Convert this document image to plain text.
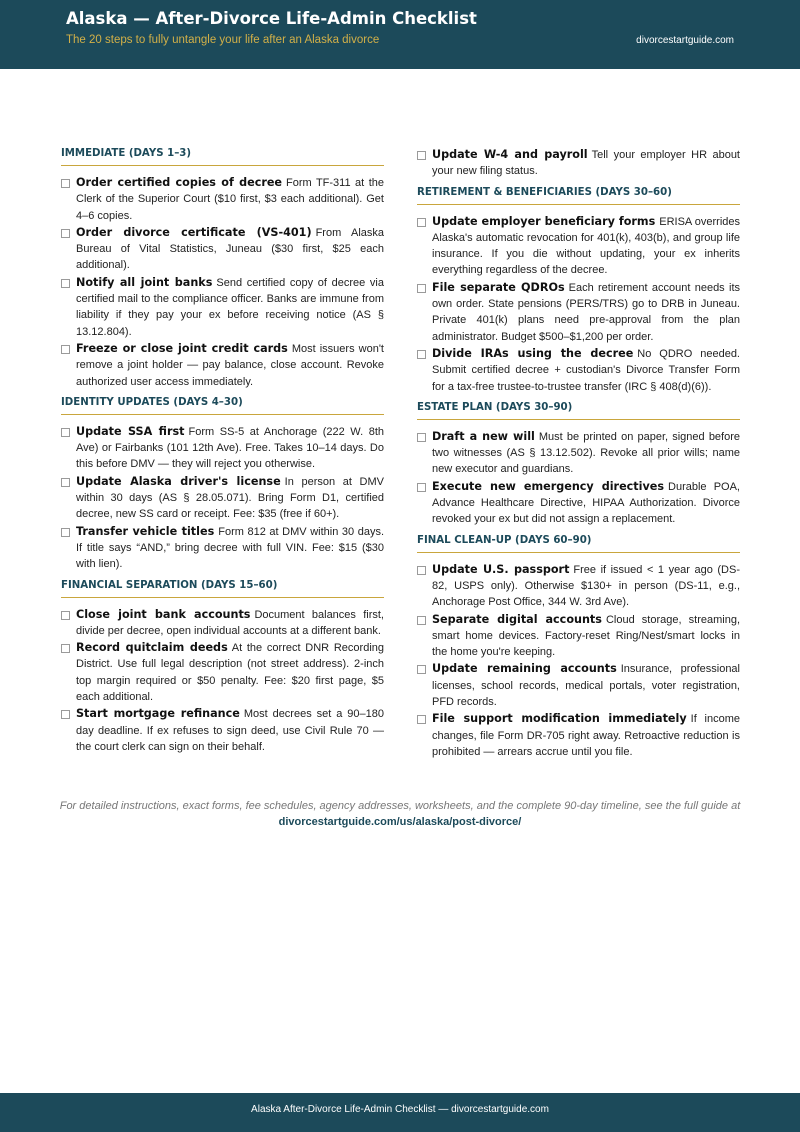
Alaska — After-Divorce Life-Admin Checklist
The 20 steps to fully untangle your life after an Alaska divorce	divorcestartguide.com
IMMEDIATE (DAYS 1–3)
Order certified copies of decree Form TF-311 at the Clerk of the Superior Court ($10 first, $3 each additional). Get 4–6 copies.
Order divorce certificate (VS-401) From Alaska Bureau of Vital Statistics, Juneau ($30 first, $25 each additional).
Notify all joint banks Send certified copy of decree via certified mail to the compliance officer. Banks are immune from liability if they pay your ex before receiving notice (AS § 13.12.804).
Freeze or close joint credit cards Most issuers won't remove a joint holder — pay balance, close account. Revoke authorized user access immediately.
IDENTITY UPDATES (DAYS 4–30)
Update SSA first Form SS-5 at Anchorage (222 W. 8th Ave) or Fairbanks (101 12th Ave). Free. Takes 10–14 days. Do this before DMV — they will reject you otherwise.
Update Alaska driver's license In person at DMV within 30 days (AS § 28.05.071). Bring Form D1, certified decree, new SS card or receipt. Fee: $35 (free if 60+).
Transfer vehicle titles Form 812 at DMV within 30 days. If title says “AND,” bring decree with full VIN. Fee: $15 ($30 with lien).
FINANCIAL SEPARATION (DAYS 15–60)
Close joint bank accounts Document balances first, divide per decree, open individual accounts at a different bank.
Record quitclaim deeds At the correct DNR Recording District. Use full legal description (not street address). 2-inch top margin required or $50 penalty. Fee: $20 first page, $5 each additional.
Start mortgage refinance Most decrees set a 90–180 day deadline. If ex refuses to sign deed, use Civil Rule 70 — the court clerk can sign on their behalf.
Update W-4 and payroll Tell your employer HR about your new filing status.
RETIREMENT & BENEFICIARIES (DAYS 30–60)
Update employer beneficiary forms ERISA overrides Alaska's automatic revocation for 401(k), 403(b), and group life insurance. If you die without updating, your ex inherits everything regardless of the decree.
File separate QDROs Each retirement account needs its own order. State pensions (PERS/TRS) go to DRB in Juneau. Private 401(k) plans need pre-approval from the plan administrator. Budget $500–$1,200 per order.
Divide IRAs using the decree No QDRO needed. Submit certified decree + custodian's Divorce Transfer Form for a tax-free trustee-to-trustee transfer (IRC § 408(d)(6)).
ESTATE PLAN (DAYS 30–90)
Draft a new will Must be printed on paper, signed before two witnesses (AS § 13.12.502). Revoke all prior wills; name new executor and guardians.
Execute new emergency directives Durable POA, Advance Healthcare Directive, HIPAA Authorization. Divorce revoked your ex but did not assign a replacement.
FINAL CLEAN-UP (DAYS 60–90)
Update U.S. passport Free if issued < 1 year ago (DS-82, USPS only). Otherwise $130+ in person (DS-11, e.g., Anchorage Post Office, 344 W. 3rd Ave).
Separate digital accounts Cloud storage, streaming, smart home devices. Factory-reset Ring/Nest/smart locks in the home you're keeping.
Update remaining accounts Insurance, professional licenses, school records, medical portals, voter registration, PFD records.
File support modification immediately If income changes, file Form DR-705 right away. Retroactive reduction is prohibited — arrears accrue until you file.
For detailed instructions, exact forms, fee schedules, agency addresses, worksheets, and the complete 90-day timeline, see the full guide at
divorcestartguide.com/us/alaska/post-divorce/
Alaska After-Divorce Life-Admin Checklist — divorcestartguide.com
